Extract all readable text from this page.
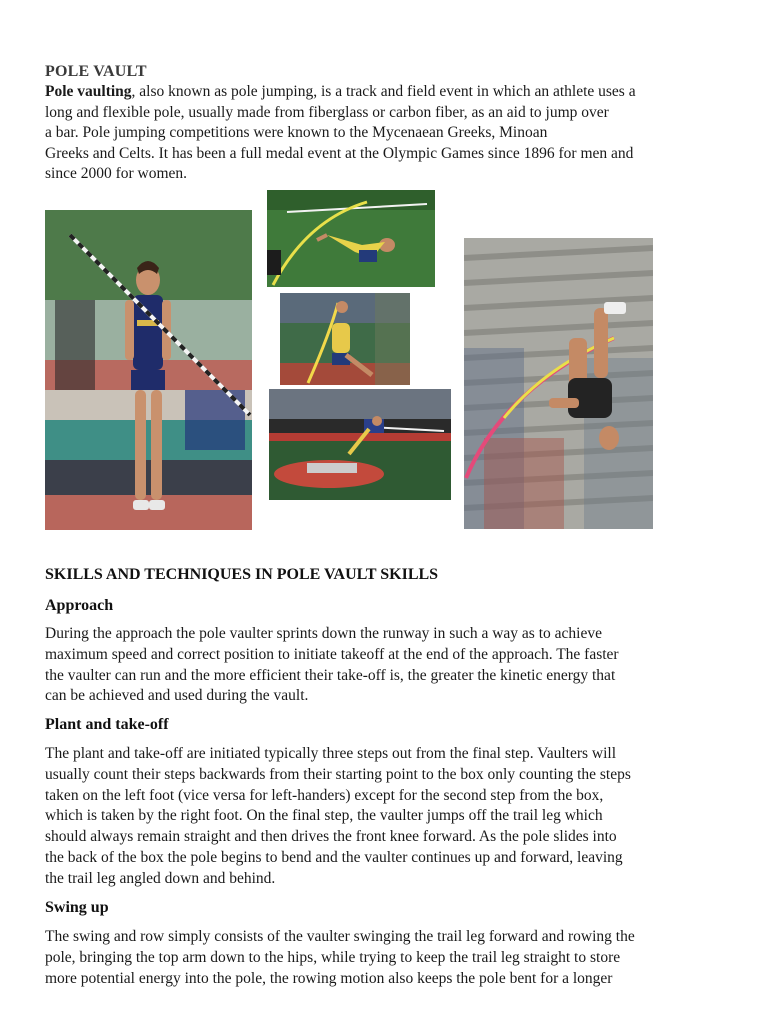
POLE VAULT

Pole vaulting, also known as pole jumping, is a track and field event in which an athlete uses a
long and flexible pole, usually made from fiberglass or carbon fiber, as an aid to jump over
a bar. Pole jumping competitions were known to the Mycenaean Greeks, Minoan
Greeks and Celts. It has been a full medal event at the Olympic Games since 1896 for men and
since 2000 for women.

SKILLS AND TECHNIQUES IN POLE VAULT SKILLS
Approach

During the approach the pole vaulter sprints down the runway in such a way as to achieve
maximum speed and correct position to initiate takeoff at the end of the approach. The faster
the vaulter can run and the more efficient their take-off is, the greater the kinetic energy that
can be achieved and used during the vault.

Plant and take-off

The plant and take-off are initiated typically three steps out from the final step. Vaulters will
usually count their steps backwards from their starting point to the box only counting the steps
taken on the left foot (vice versa for left-handers) except for the second step from the box,
which is taken by the right foot. On the final step, the vaulter jumps off the trail leg which
should always remain straight and then drives the front knee forward. As the pole slides into
the back of the box the pole begins to bend and the vaulter continues up and forward, leaving
the trail leg angled down and behind.

Swing up

The swing and row simply consists of the vaulter swinging the trail leg forward and rowing the
pole, bringing the top arm down to the hips, while trying to keep the trail leg straight to store
more potential energy into the pole, the rowing motion also keeps the pole bent for a longer
